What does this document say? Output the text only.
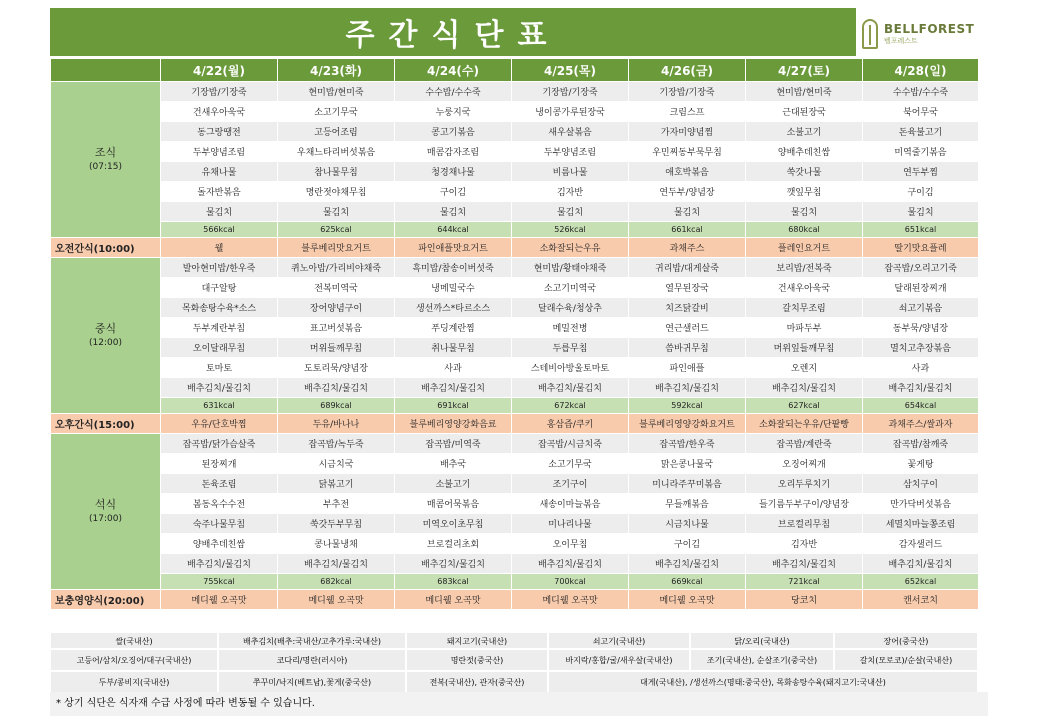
주간식단표	BELLFOREST
벨포레스트
	4/22(월)	4/23(화)	4/24(수)	4/25(목)	4/26(금)	4/27(토)	4/28(일)

조식
(07:15)	기장밥/기장죽	현미밥/현미죽	수수밥/수수죽	기장밥/기장죽	기장밥/기장죽	현미밥/현미죽	수수밥/수수죽
	건새우아욱국	소고기무국	누룽지국	냉이콩가루된장국	크림스프	근대된장국	북어무국
	동그랑땡전	고등어조림	콩고기볶음	새우살볶음	가자미양념찜	소불고기	돈육불고기
	두부양념조림	우채느타리버섯볶음	매콤감자조림	두부양념조림	우민찌동부묵무침	양배추데친쌈	미역줄기볶음
	유채나물	참나물무침	청경채나물	비름나물	애호박볶음	쑥갓나물	연두부찜
	돌자반볶음	명란젓야채무침	구이김	김자반	연두부/양념장	깻잎무침	구이김
	물김치	물김치	물김치	물김치	물김치	물김치	물김치
	566kcal	625kcal	644kcal	526kcal	661kcal	680kcal	651kcal
오전간식(10:00)	웰	블루베리맛요거트	파인애플맛요거트	소화잘되는우유	과채주스	플레인요거트	딸기맛요플레

중식
(12:00)	발아현미밥/한우죽	퀴노아밥/가리비야채죽	흑미밥/참송이버섯죽	현미밥/황태야채죽	귀리밥/대게살죽	보리밥/전복죽	잡곡밥/오리고기죽
	대구알탕	전복미역국	냉메밀국수	소고기미역국	열무된장국	건새우아욱국	달래된장찌개
	목화송탕수육*소스	장어양념구이	생선까스*타르소스	달래수육/청상추	치즈닭갈비	갈치무조림	쇠고기볶음
	두부계란부침	표고버섯볶음	푸딩계란찜	메밀전병	연근샐러드	마파두부	동부묵/양념장
	오이달래무침	머위들깨무침	취나물무침	두릅무침	씀바귀무침	머위잎들깨무침	멸치고추장볶음
	토마토	도토리묵/양념장	사과	스테비아방울토마토	파인애플	오렌지	사과
	배추김치/물김치	배추김치/물김치	배추김치/물김치	배추김치/물김치	배추김치/물김치	배추김치/물김치	배추김치/물김치
	631kcal	689kcal	691kcal	672kcal	592kcal	627kcal	654kcal
오후간식(15:00)	우유/단호박찜	두유/바나나	블루베리영양강화음료	홍삼즙/쿠키	블루베리영양강화요거트	소화잘되는우유/단팥빵	과채주스/쌀과자

석식
(17:00)	잡곡밥/닭가슴살죽	잡곡밥/녹두죽	잡곡밥/미역죽	잡곡밥/시금치죽	잡곡밥/한우죽	잡곡밥/계란죽	잡곡밥/참깨죽
	된장찌개	시금치국	배추국	소고기무국	맑은콩나물국	오징어찌개	꽃게탕
	돈육조림	닭볶고기	소불고기	조기구이	미니라주꾸미볶음	오리두루치기	삼치구이
	봄동옥수수전	부추전	매콤어묵볶음	새송이마늘볶음	무들깨볶음	들기름두부구이/양념장	만가닥버섯볶음
	숙주나물무침	쑥갓두부무침	미역오이초무침	미나리나물	시금치나물	브로컬리무침	세멸치마늘쫑조림
	양배추데친쌈	콩나물냉채	브로컬리초회	오이무침	구이김	김자반	감자샐러드
	배추김치/물김치	배추김치/물김치	배추김치/물김치	배추김치/물김치	배추김치/물김치	배추김치/물김치	배추김치/물김치
	755kcal	682kcal	683kcal	700kcal	669kcal	721kcal	652kcal
보충영양식(20:00)	메디웰 오곡맛	메디웰 오곡맛	메디웰 오곡맛	메디웰 오곡맛	메디웰 오곡맛	당코치	캔서코치
쌀(국내산)	배추김치(배추:국내산/고추가루:국내산)	돼지고기(국내산)	쇠고기(국내산)	닭/오리(국내산)	장어(중국산)
고등어/삼치/오징어/대구(국내산)	코다리/명란(러시아)	명란젓(중국산)	바지락/홍합/굴/새우살(국내산)	조기(국내산), 순살조기(중국산)	갈치(모로코)/순살(국내산)
두부/콩비지(국내산)	쭈꾸미/낙지(베트남),꽃게(중국산)	전복(국내산), 관자(중국산)	대게(국내산), /생선까스(명태:중국산), 목화송탕수육(돼지고기:국내산)
* 상기 식단은 식자재 수급 사정에 따라 변동될 수 있습니다.
